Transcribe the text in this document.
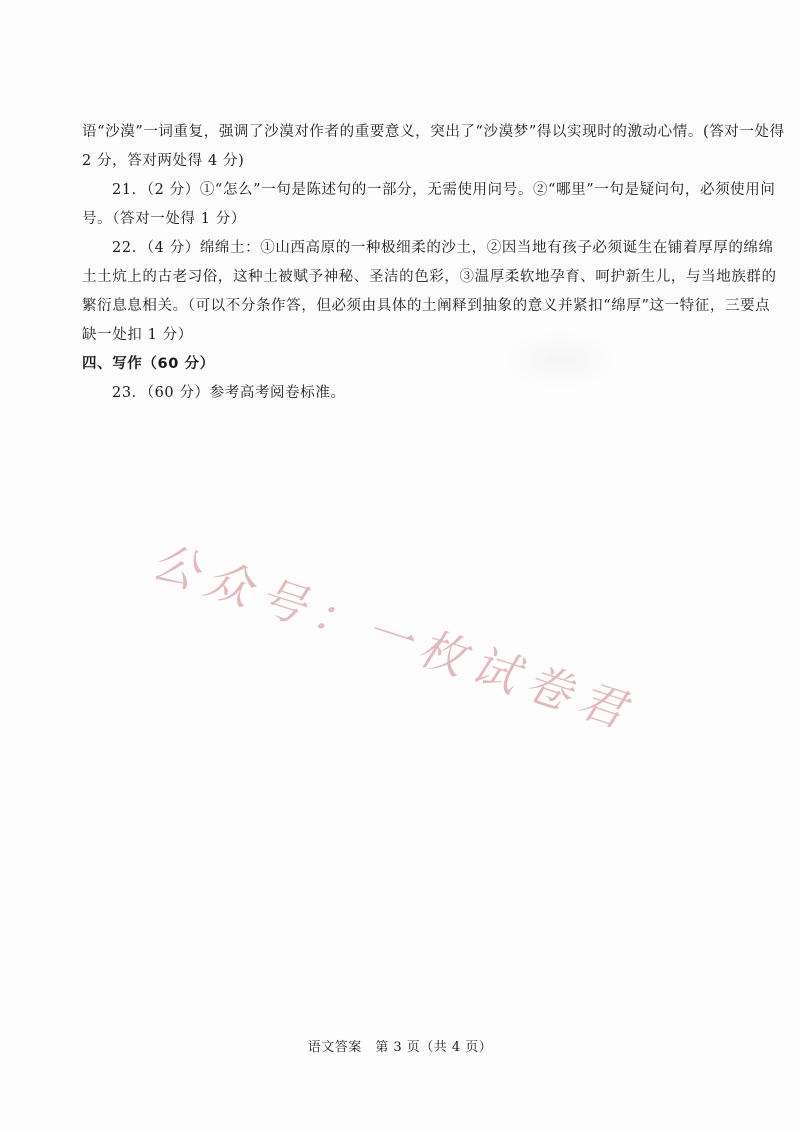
语“沙漠”一词重复，强调了沙漠对作者的重要意义，突出了“沙漠梦”得以实现时的激动心情。(答对一处得
2 分，答对两处得 4 分)
21．（2 分）①“怎么”一句是陈述句的一部分，无需使用问号。②“哪里”一句是疑问句，必须使用问
号。（答对一处得 1 分）
22．（4 分）绵绵土：①山西高原的一种极细柔的沙土，②因当地有孩子必须诞生在铺着厚厚的绵绵
土土炕上的古老习俗，这种土被赋予神秘、圣洁的色彩，③温厚柔软地孕育、呵护新生儿，与当地族群的
繁衍息息相关。（可以不分条作答，但必须由具体的土阐释到抽象的意义并紧扣“绵厚”这一特征，三要点
缺一处扣 1 分）
四、写作（60 分）
23．（60 分）参考高考阅卷标准。
公众号：一枚试卷君
语文答案　第 3 页（共 4 页）
